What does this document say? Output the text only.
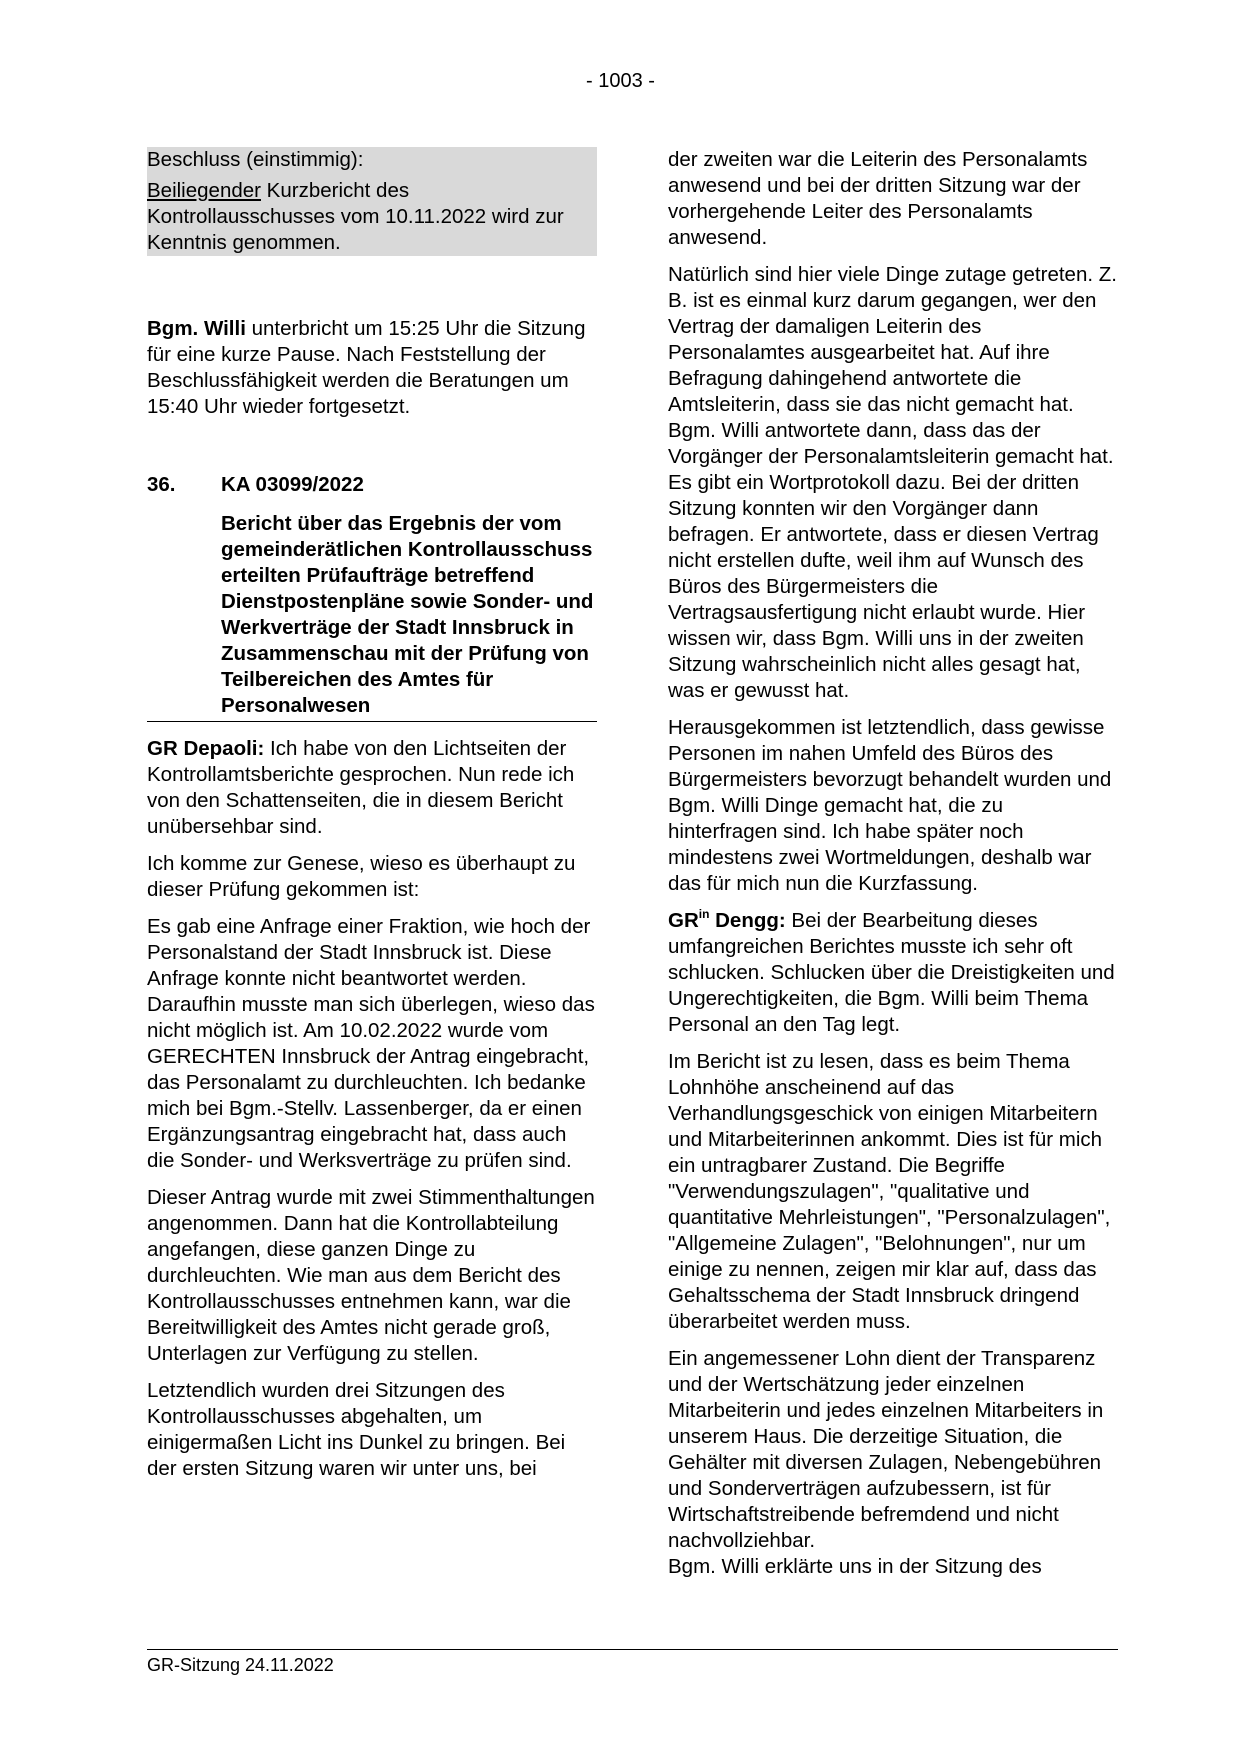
- 1003 -

Beschluss (einstimmig):

Beiliegender Kurzbericht des Kontrollausschusses vom 10.11.2022 wird zur Kenntnis genommen.

Bgm. Willi unterbricht um 15:25 Uhr die Sitzung für eine kurze Pause. Nach Feststellung der Beschlussfähigkeit werden die Beratungen um 15:40 Uhr wieder fortgesetzt.

36.	KA 03099/2022

Bericht über das Ergebnis der vom gemeinderätlichen Kontrollausschuss erteilten Prüfaufträge betreffend Dienstpostenpläne sowie Sonder- und Werkverträge der Stadt Innsbruck in Zusammenschau mit der Prüfung von Teilbereichen des Amtes für Personalwesen

GR Depaoli: Ich habe von den Lichtseiten der Kontrollamtsberichte gesprochen. Nun rede ich von den Schattenseiten, die in diesem Bericht unübersehbar sind.

Ich komme zur Genese, wieso es überhaupt zu dieser Prüfung gekommen ist:

Es gab eine Anfrage einer Fraktion, wie hoch der Personalstand der Stadt Innsbruck ist. Diese Anfrage konnte nicht beantwortet werden. Daraufhin musste man sich überlegen, wieso das nicht möglich ist. Am 10.02.2022 wurde vom GERECHTEN Innsbruck der Antrag eingebracht, das Personalamt zu durchleuchten. Ich bedanke mich bei Bgm.-Stellv. Lassenberger, da er einen Ergänzungsantrag eingebracht hat, dass auch die Sonder- und Werksverträge zu prüfen sind.

Dieser Antrag wurde mit zwei Stimmenthaltungen angenommen. Dann hat die Kontrollabteilung angefangen, diese ganzen Dinge zu durchleuchten. Wie man aus dem Bericht des Kontrollausschusses entnehmen kann, war die Bereitwilligkeit des Amtes nicht gerade groß, Unterlagen zur Verfügung zu stellen.

Letztendlich wurden drei Sitzungen des Kontrollausschusses abgehalten, um einigermaßen Licht ins Dunkel zu bringen. Bei der ersten Sitzung waren wir unter uns, bei

der zweiten war die Leiterin des Personalamts anwesend und bei der dritten Sitzung war der vorhergehende Leiter des Personalamts anwesend.

Natürlich sind hier viele Dinge zutage getreten. Z. B. ist es einmal kurz darum gegangen, wer den Vertrag der damaligen Leiterin des Personalamtes ausgearbeitet hat. Auf ihre Befragung dahingehend antwortete die Amtsleiterin, dass sie das nicht gemacht hat. Bgm. Willi antwortete dann, dass das der Vorgänger der Personalamtsleiterin gemacht hat. Es gibt ein Wortprotokoll dazu. Bei der dritten Sitzung konnten wir den Vorgänger dann befragen. Er antwortete, dass er diesen Vertrag nicht erstellen dufte, weil ihm auf Wunsch des Büros des Bürgermeisters die Vertragsausfertigung nicht erlaubt wurde. Hier wissen wir, dass Bgm. Willi uns in der zweiten Sitzung wahrscheinlich nicht alles gesagt hat, was er gewusst hat.

Herausgekommen ist letztendlich, dass gewisse Personen im nahen Umfeld des Büros des Bürgermeisters bevorzugt behandelt wurden und Bgm. Willi Dinge gemacht hat, die zu hinterfragen sind. Ich habe später noch mindestens zwei Wortmeldungen, deshalb war das für mich nun die Kurzfassung.

$GR^{in}$ Dengg: Bei der Bearbeitung dieses umfangreichen Berichtes musste ich sehr oft schlucken. Schlucken über die Dreistigkeiten und Ungerechtigkeiten, die Bgm. Willi beim Thema Personal an den Tag legt.

Im Bericht ist zu lesen, dass es beim Thema Lohnhöhe anscheinend auf das Verhandlungsgeschick von einigen Mitarbeitern und Mitarbeiterinnen ankommt. Dies ist für mich ein untragbarer Zustand. Die Begriffe "Verwendungszulagen", "qualitative und quantitative Mehrleistungen", "Personalzulagen", "Allgemeine Zulagen", "Belohnungen", nur um einige zu nennen, zeigen mir klar auf, dass das Gehaltsschema der Stadt Innsbruck dringend überarbeitet werden muss.

Ein angemessener Lohn dient der Transparenz und der Wertschätzung jeder einzelnen Mitarbeiterin und jedes einzelnen Mitarbeiters in unserem Haus. Die derzeitige Situation, die Gehälter mit diversen Zulagen, Nebengebühren und Sonderverträgen aufzubessern, ist für Wirtschaftstreibende befremdend und nicht nachvollziehbar.

Bgm. Willi erklärte uns in der Sitzung des

GR-Sitzung 24.11.2022
